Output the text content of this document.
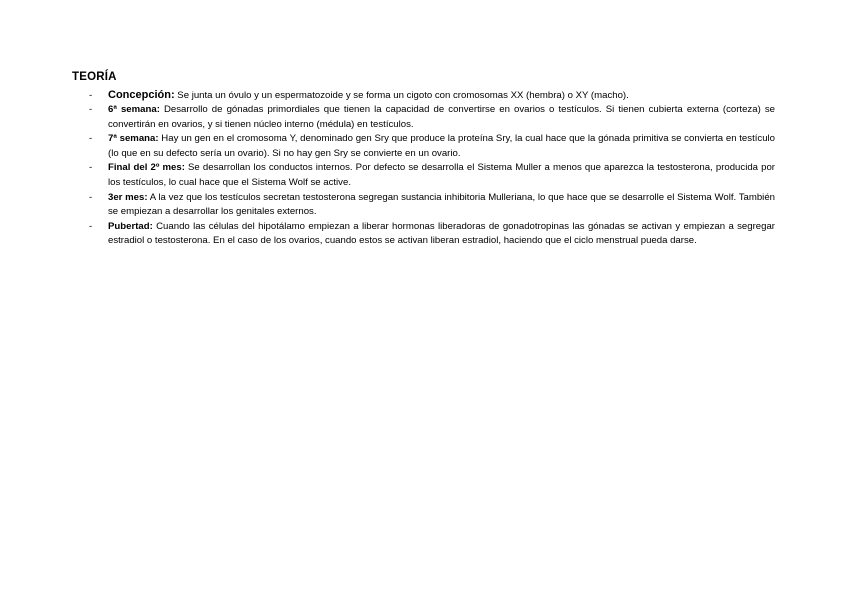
TEORÍA
- Concepción: Se junta un óvulo y un espermatozoide y se forma un cigoto con cromosomas XX (hembra) o XY (macho).
- 6ª semana: Desarrollo de gónadas primordiales que tienen la capacidad de convertirse en ovarios o testículos. Si tienen cubierta externa (corteza) se convertirán en ovarios, y si tienen núcleo interno (médula) en testículos.
- 7ª semana: Hay un gen en el cromosoma Y, denominado gen Sry que produce la proteína Sry, la cual hace que la gónada primitiva se convierta en testículo (lo que en su defecto sería un ovario). Si no hay gen Sry se convierte en un ovario.
- Final del 2º mes: Se desarrollan los conductos internos. Por defecto se desarrolla el Sistema Muller a menos que aparezca la testosterona, producida por los testículos, lo cual hace que el Sistema Wolf se active.
- 3er mes: A la vez que los testículos secretan testosterona segregan sustancia inhibitoria Mulleriana, lo que hace que se desarrolle el Sistema Wolf. También se empiezan a desarrollar los genitales externos.
- Pubertad: Cuando las células del hipotálamo empiezan a liberar hormonas liberadoras de gonadotropinas las gónadas se activan y empiezan a segregar estradiol o testosterona. En el caso de los ovarios, cuando estos se activan liberan estradiol, haciendo que el ciclo menstrual pueda darse.
